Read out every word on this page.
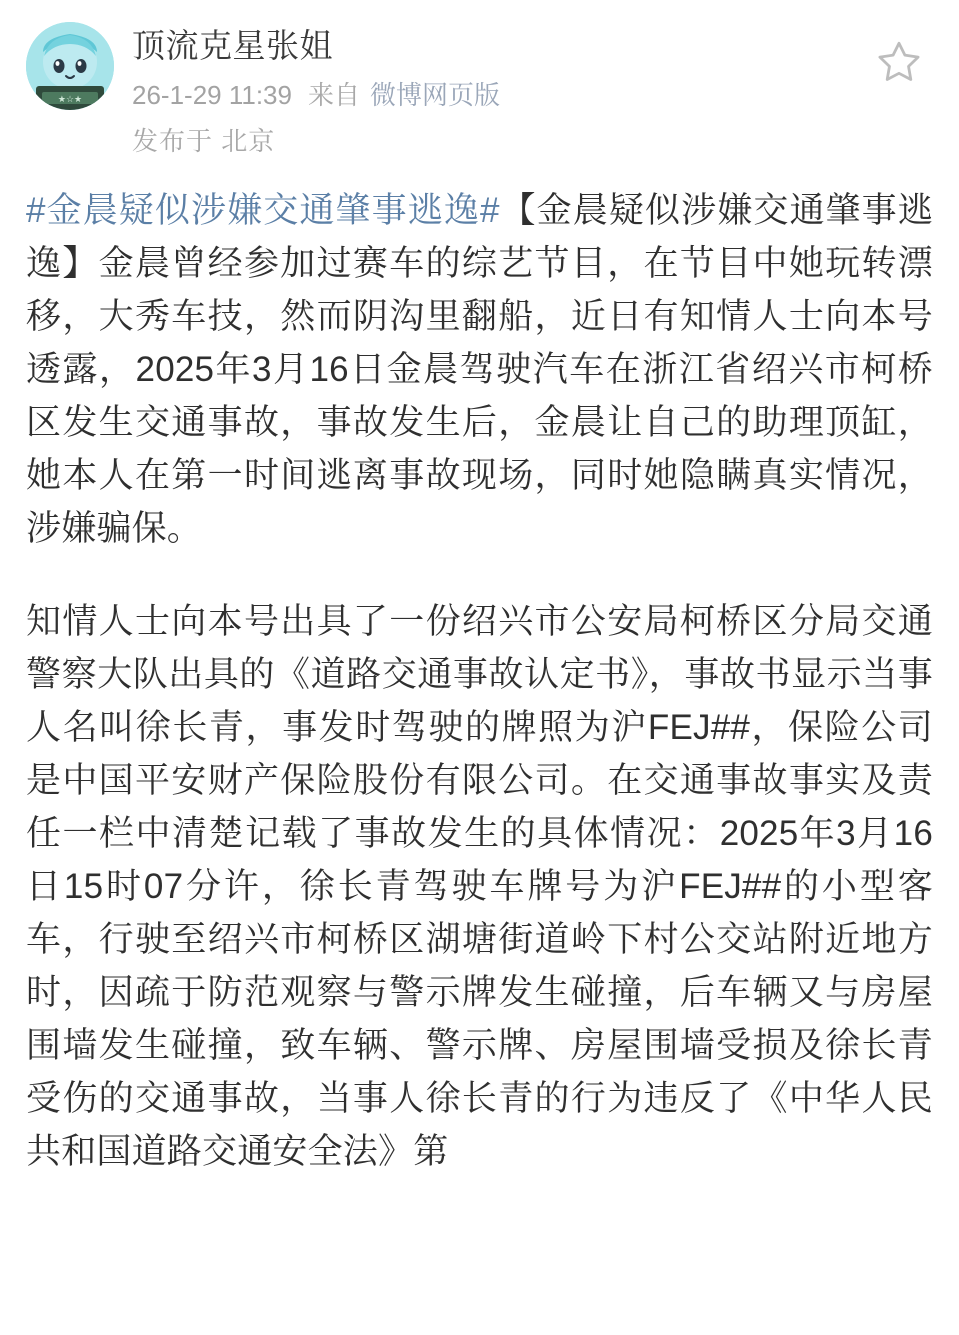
★☆★
顶流克星张姐
26-1-29 11:39 来自 微博网页版
发布于 北京

#金晨疑似涉嫌交通肇事逃逸#【金晨疑似涉嫌交通肇事逃逸】金晨曾经参加过赛车的综艺节目，在节目中她玩转漂移，大秀车技，然而阴沟里翻船，近日有知情人士向本号透露，2025年3月16日金晨驾驶汽车在浙江省绍兴市柯桥区发生交通事故，事故发生后，金晨让自己的助理顶缸，她本人在第一时间逃离事故现场，同时她隐瞒真实情况，涉嫌骗保。

知情人士向本号出具了一份绍兴市公安局柯桥区分局交通警察大队出具的《道路交通事故认定书》，事故书显示当事人名叫徐长青，事发时驾驶的牌照为沪FEJ##，保险公司是中国平安财产保险股份有限公司。在交通事故事实及责任一栏中清楚记载了事故发生的具体情况：2025年3月16日15时07分许，徐长青驾驶车牌号为沪FEJ##的小型客车，行驶至绍兴市柯桥区湖塘街道岭下村公交站附近地方时，因疏于防范观察与警示牌发生碰撞，后车辆又与房屋围墙发生碰撞，致车辆、警示牌、房屋围墙受损及徐长青受伤的交通事故，当事人徐长青的行为违反了《中华人民共和国道路交通安全法》第
